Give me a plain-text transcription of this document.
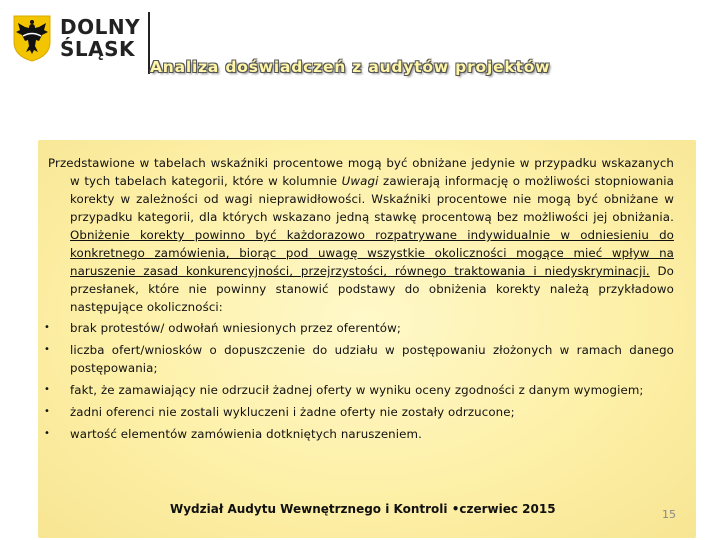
DOLNY
ŚLĄSK
Analiza doświadczeń z audytów projektów

Przedstawione w tabelach wskaźniki procentowe mogą być obniżane jedynie w przypadku wskazanych w tych tabelach kategorii, które w kolumnie Uwagi zawierają informację o możliwości stopniowania korekty w zależności od wagi nieprawidłowości. Wskaźniki procentowe nie mogą być obniżane w przypadku kategorii, dla których wskazano jedną stawkę procentową bez możliwości jej obniżania. Obniżenie korekty powinno być każdorazowo rozpatrywane indywidualnie w odniesieniu do konkretnego zamówienia, biorąc pod uwagę wszystkie okoliczności mogące mieć wpływ na naruszenie zasad konkurencyjności, przejrzystości, równego traktowania i niedyskryminacji. Do przesłanek, które nie powinny stanowić podstawy do obniżenia korekty należą przykładowo następujące okoliczności:

• brak protestów/ odwołań wniesionych przez oferentów;
• liczba ofert/wniosków o dopuszczenie do udziału w postępowaniu złożonych w ramach danego postępowania;
• fakt, że zamawiający nie odrzucił żadnej oferty w wyniku oceny zgodności z danym wymogiem;
• żadni oferenci nie zostali wykluczeni i żadne oferty nie zostały odrzucone;
• wartość elementów zamówienia dotkniętych naruszeniem.
Wydział Audytu Wewnętrznego i Kontroli •czerwiec 2015	15
